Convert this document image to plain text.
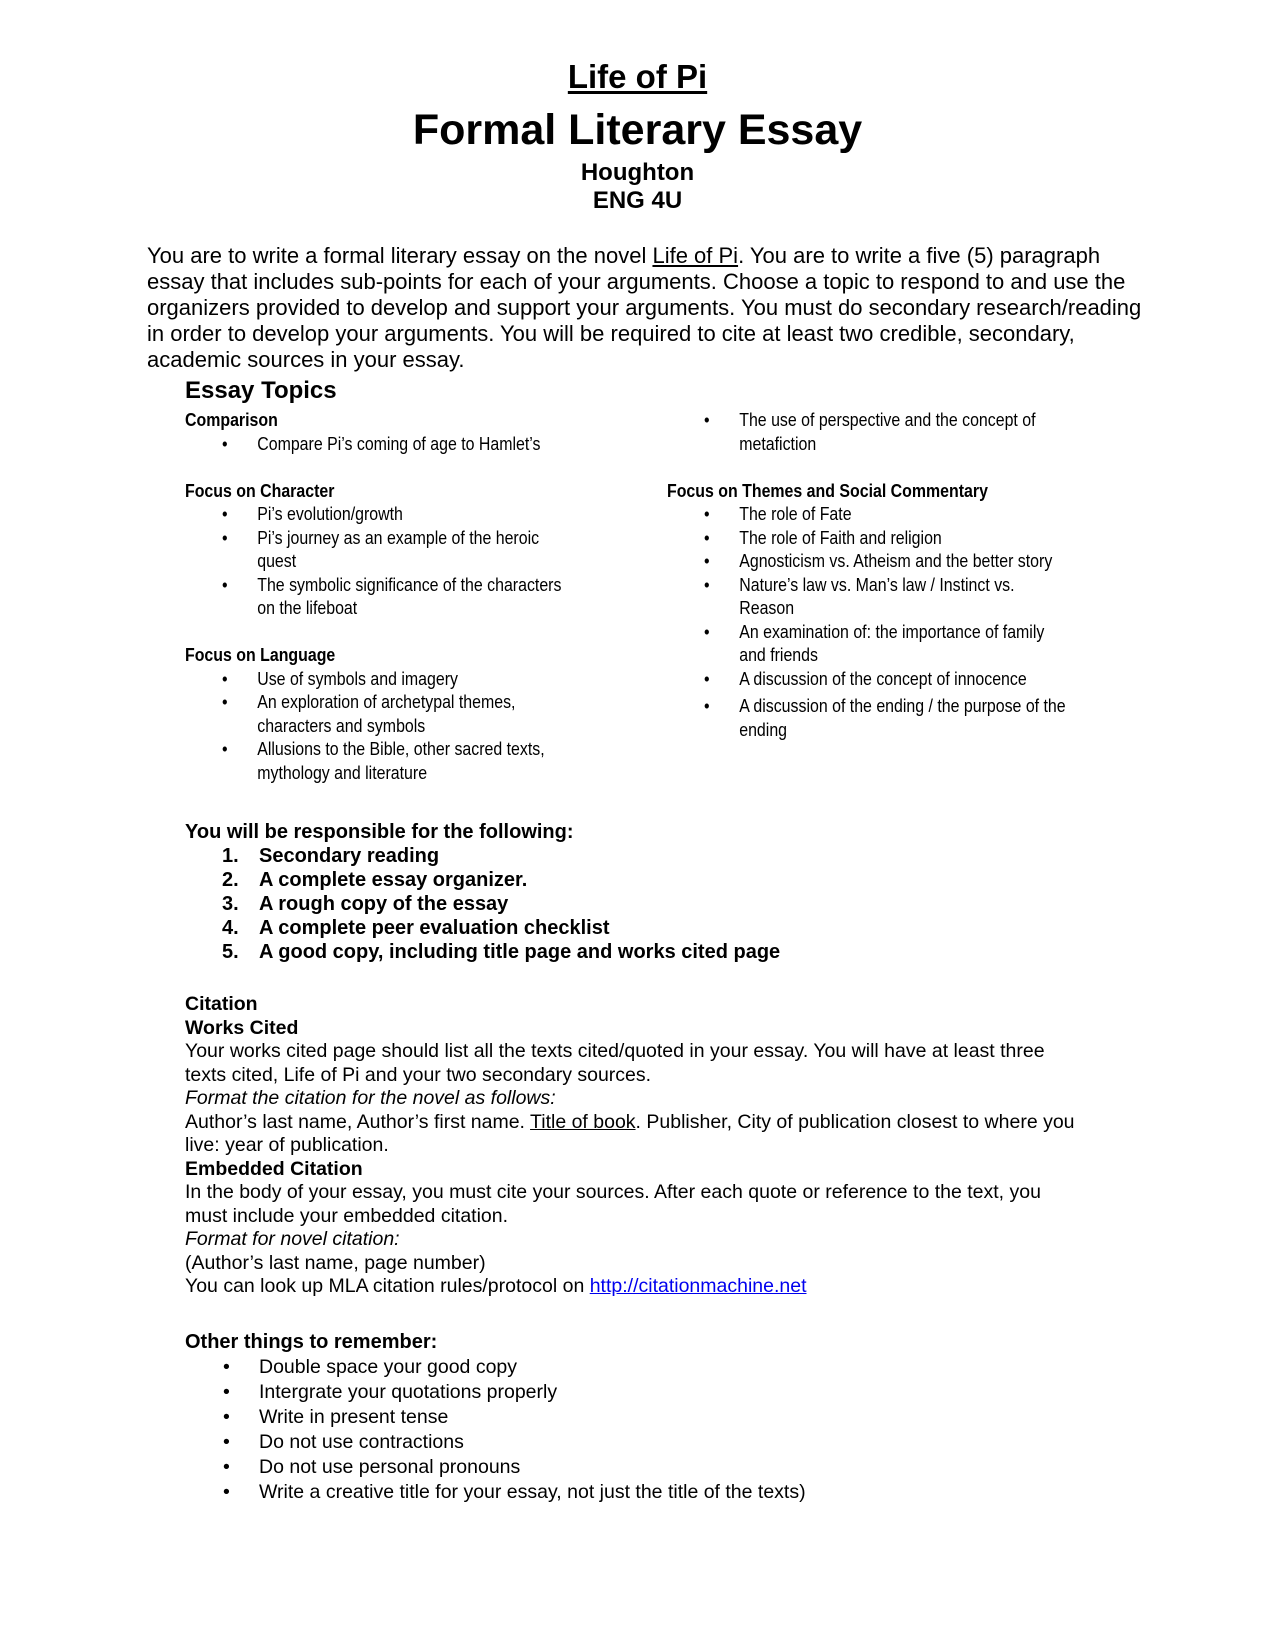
Life of Pi
Formal Literary Essay
Houghton
ENG 4U
You are to write a formal literary essay on the novel Life of Pi. You are to write a five (5) paragraph essay that includes sub-points for each of your arguments. Choose a topic to respond to and use the organizers provided to develop and support your arguments. You must do secondary research/reading in order to develop your arguments. You will be required to cite at least two credible, secondary, academic sources in your essay.
Essay Topics
Comparison
• Compare Pi’s coming of age to Hamlet’s
Focus on Character
• Pi’s evolution/growth
• Pi’s journey as an example of the heroic quest
• The symbolic significance of the characters on the lifeboat
Focus on Language
• Use of symbols and imagery
• An exploration of archetypal themes, characters and symbols
• Allusions to the Bible, other sacred texts, mythology and literature
• The use of perspective and the concept of metafiction
Focus on Themes and Social Commentary
• The role of Fate
• The role of Faith and religion
• Agnosticism vs. Atheism and the better story
• Nature’s law vs. Man’s law / Instinct vs. Reason
• An examination of: the importance of family and friends
• A discussion of the concept of innocence
• A discussion of the ending / the purpose of the ending
You will be responsible for the following:
1. Secondary reading
2. A complete essay organizer.
3. A rough copy of the essay
4. A complete peer evaluation checklist
5. A good copy, including title page and works cited page
Citation
Works Cited
Your works cited page should list all the texts cited/quoted in your essay. You will have at least three texts cited, Life of Pi and your two secondary sources.
Format the citation for the novel as follows:
Author’s last name, Author’s first name. Title of book. Publisher, City of publication closest to where you live: year of publication.
Embedded Citation
In the body of your essay, you must cite your sources. After each quote or reference to the text, you must include your embedded citation.
Format for novel citation:
(Author’s last name, page number)
You can look up MLA citation rules/protocol on http://citationmachine.net
Other things to remember:
• Double space your good copy
• Intergrate your quotations properly
• Write in present tense
• Do not use contractions
• Do not use personal pronouns
• Write a creative title for your essay, not just the title of the texts)
